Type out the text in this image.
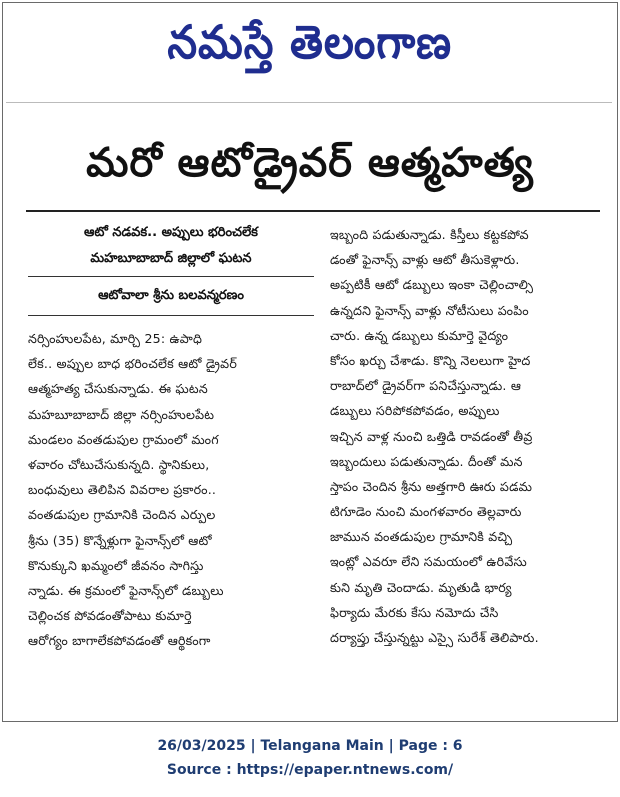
నమస్తే తెలంగాణ
మరో ఆటోడ్రైవర్ ఆత్మహత్య
ఆటో నడవక.. అప్పులు భరించలేక
మహబూబాబాద్ జిల్లాలో ఘటన
ఆటోవాలా శ్రీను బలవన్మరణం
నర్సింహులపేట, మార్చి 25: ఉపాధి
లేక.. అప్పుల బాధ భరించలేక ఆటో డ్రైవర్
ఆత్మహత్య చేసుకున్నాడు. ఈ ఘటన
మహబూబాబాద్ జిల్లా నర్సింహులపేట
మండలం వంతడుపుల గ్రామంలో మంగ
ళవారం చోటుచేసుకున్నది. స్థానికులు,
బంధువులు తెలిపిన వివరాల ప్రకారం..
వంతడుపుల గ్రామానికి చెందిన ఎర్పుల
శ్రీను (35) కొన్నేళ్లుగా ఫైనాన్స్‌లో ఆటో
కొనుక్కుని ఖమ్మంలో జీవనం సాగిస్తు
న్నాడు. ఈ క్రమంలో ఫైనాన్స్‌లో డబ్బులు
చెల్లించక పోవడంతోపాటు కుమార్తె
ఆరోగ్యం బాగాలేకపోవడంతో ఆర్థికంగా
ఇబ్బంది పడుతున్నాడు. కిస్తీలు కట్టకపోవ
డంతో ఫైనాన్స్ వాళ్లు ఆటో తీసుకెళ్లారు.
అప్పటికీ ఆటో డబ్బులు ఇంకా చెల్లించాల్సి
ఉన్నదని ఫైనాన్స్ వాళ్లు నోటీసులు పంపిం
చారు. ఉన్న డబ్బులు కుమార్తె వైద్యం
కోసం ఖర్చు చేశాడు. కొన్ని నెలలుగా హైద
రాబాద్‌లో డ్రైవర్‌గా పనిచేస్తున్నాడు. ఆ
డబ్బులు సరిపోకపోవడం, అప్పులు
ఇచ్చిన వాళ్ల నుంచి ఒత్తిడి రావడంతో తీవ్ర
ఇబ్బందులు పడుతున్నాడు. దీంతో మన
స్తాపం చెందిన శ్రీను అత్తగారి ఊరు పడమ
టిగూడెం నుంచి మంగళవారం తెల్లవారు
జామున వంతడుపుల గ్రామానికి వచ్చి
ఇంట్లో ఎవరూ లేని సమయంలో ఉరివేసు
కుని మృతి చెందాడు. మృతుడి భార్య
ఫిర్యాదు మేరకు కేసు నమోదు చేసి
దర్యాప్తు చేస్తున్నట్టు ఎస్సై సురేశ్ తెలిపారు.
26/03/2025 | Telangana Main | Page : 6
Source : https://epaper.ntnews.com/
